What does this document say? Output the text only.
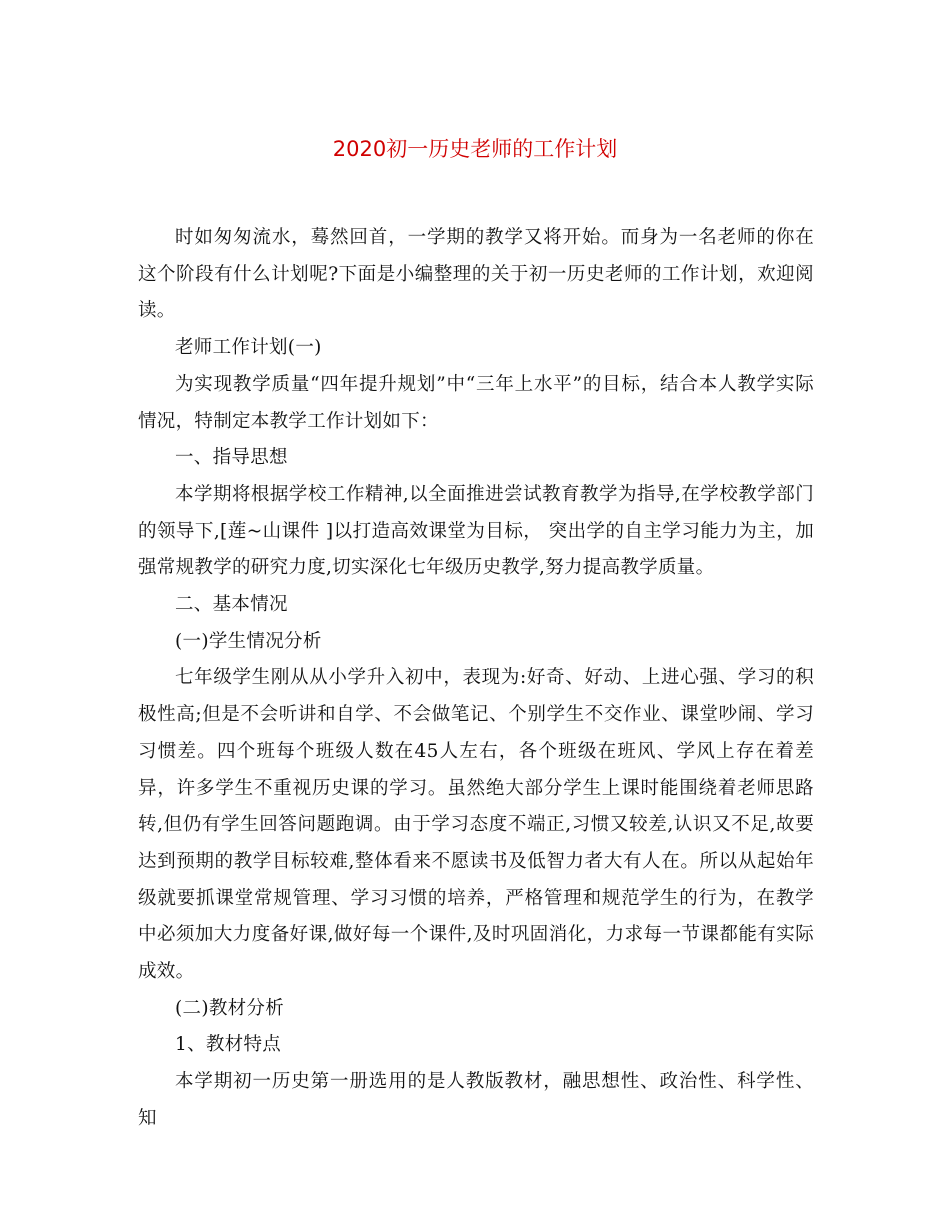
2020初一历史老师的工作计划

时如匆匆流水，蓦然回首，一学期的教学又将开始。而身为一名老师的你在这个阶段有什么计划呢?下面是小编整理的关于初一历史老师的工作计划，欢迎阅读。

老师工作计划(一)

为实现教学质量“四年提升规划”中“三年上水平”的目标，结合本人教学实际情况，特制定本教学工作计划如下：

一、指导思想

本学期将根据学校工作精神,以全面推进尝试教育教学为指导,在学校教学部门的领导下,[莲~山课件 ]以打造高效课堂为目标， 突出学的自主学习能力为主，加强常规教学的研究力度,切实深化七年级历史教学,努力提高教学质量。

二、基本情况

(一)学生情况分析

七年级学生刚从从小学升入初中，表现为:好奇、好动、上进心强、学习的积极性高;但是不会听讲和自学、不会做笔记、个别学生不交作业、课堂吵闹、学习习惯差。四个班每个班级人数在45人左右，各个班级在班风、学风上存在着差异，许多学生不重视历史课的学习。虽然绝大部分学生上课时能围绕着老师思路转,但仍有学生回答问题跑调。由于学习态度不端正,习惯又较差,认识又不足,故要达到预期的教学目标较难,整体看来不愿读书及低智力者大有人在。所以从起始年级就要抓课堂常规管理、学习习惯的培养，严格管理和规范学生的行为，在教学中必须加大力度备好课,做好每一个课件,及时巩固消化，力求每一节课都能有实际成效。

(二)教材分析

1、教材特点

本学期初一历史第一册选用的是人教版教材，融思想性、政治性、科学性、知
